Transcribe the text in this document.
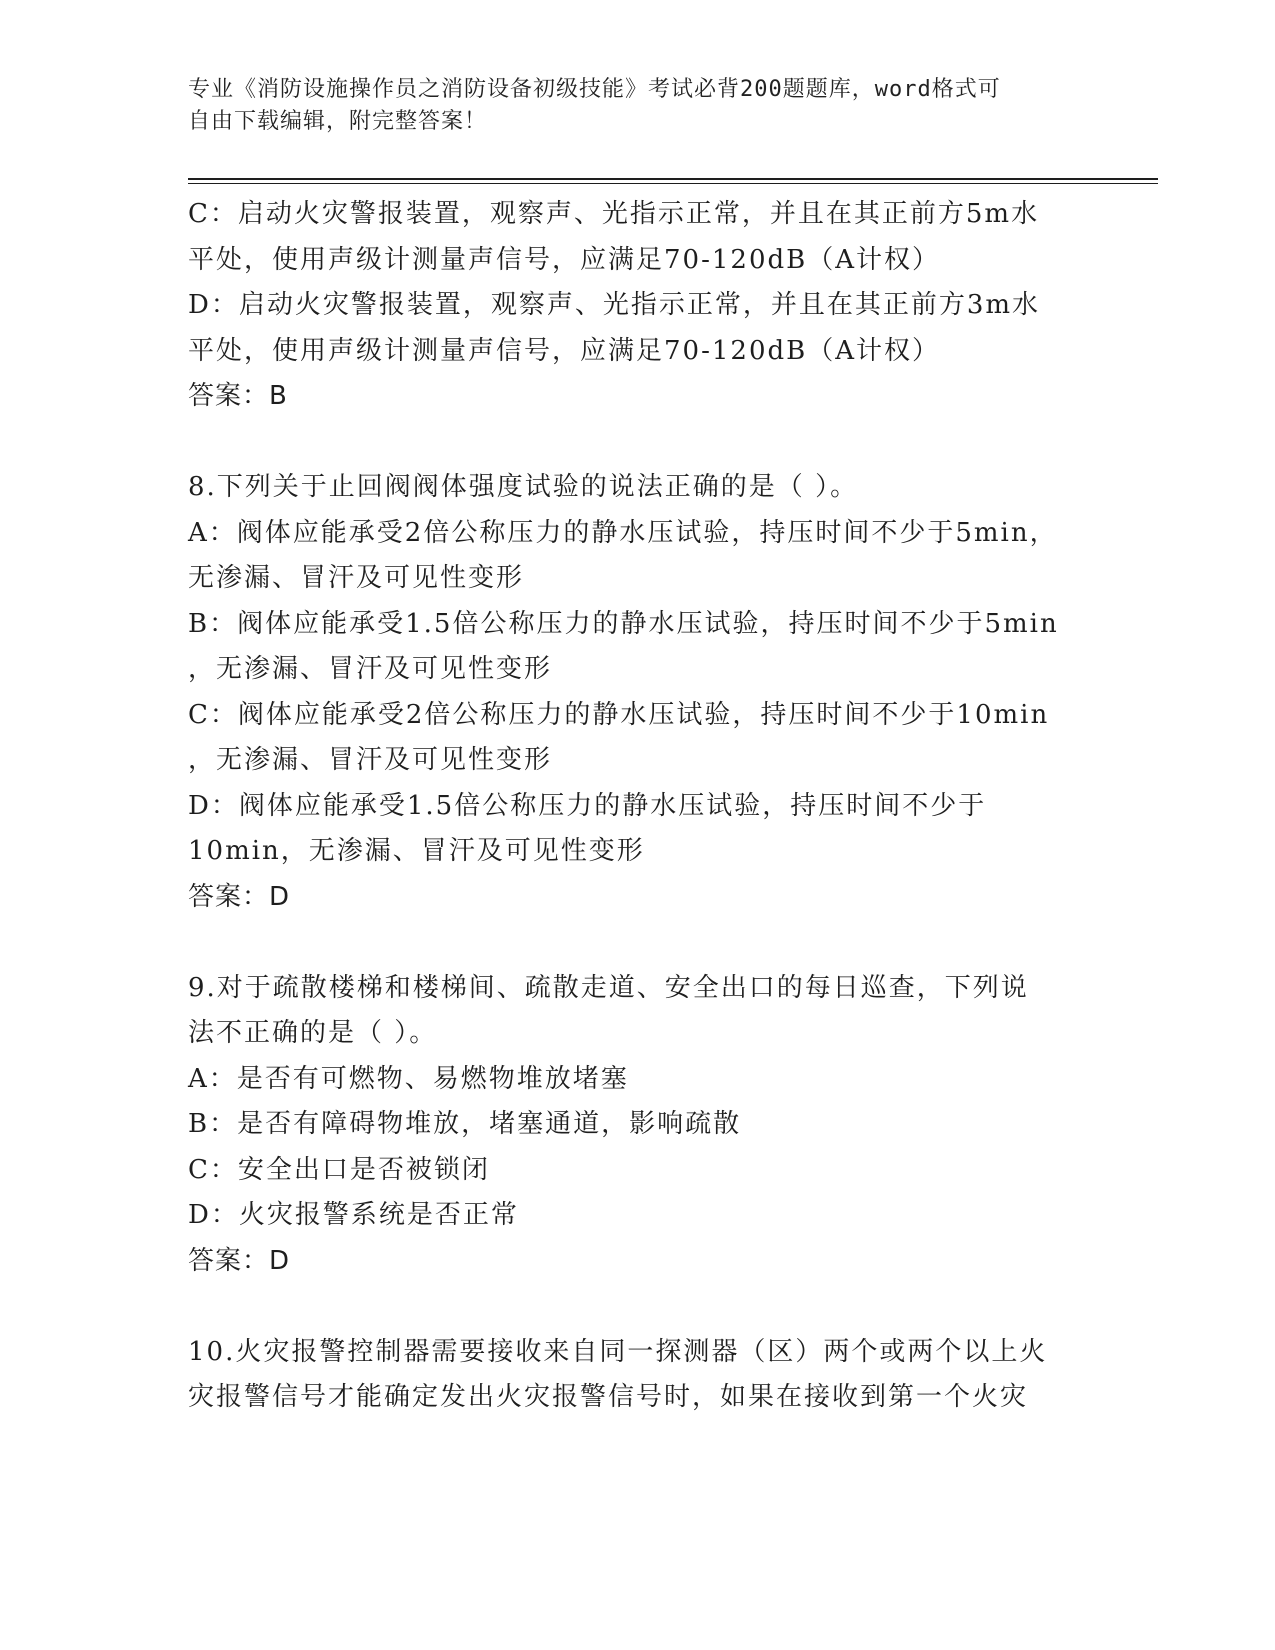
专业《消防设施操作员之消防设备初级技能》考试必背200题题库，word格式可
自由下载编辑，附完整答案！
C：启动火灾警报装置，观察声、光指示正常，并且在其正前方5m水
平处，使用声级计测量声信号，应满足70-120dB（A计权）
D：启动火灾警报装置，观察声、光指示正常，并且在其正前方3m水
平处，使用声级计测量声信号，应满足70-120dB（A计权）
答案：B
8.下列关于止回阀阀体强度试验的说法正确的是（ ）。
A：阀体应能承受2倍公称压力的静水压试验，持压时间不少于5min，
无渗漏、冒汗及可见性变形
B：阀体应能承受1.5倍公称压力的静水压试验，持压时间不少于5min
，无渗漏、冒汗及可见性变形
C：阀体应能承受2倍公称压力的静水压试验，持压时间不少于10min
，无渗漏、冒汗及可见性变形
D：阀体应能承受1.5倍公称压力的静水压试验，持压时间不少于
10min，无渗漏、冒汗及可见性变形
答案：D
9.对于疏散楼梯和楼梯间、疏散走道、安全出口的每日巡查，下列说
法不正确的是（ ）。
A：是否有可燃物、易燃物堆放堵塞
B：是否有障碍物堆放，堵塞通道，影响疏散
C：安全出口是否被锁闭
D：火灾报警系统是否正常
答案：D
10.火灾报警控制器需要接收来自同一探测器（区）两个或两个以上火
灾报警信号才能确定发出火灾报警信号时，如果在接收到第一个火灾
